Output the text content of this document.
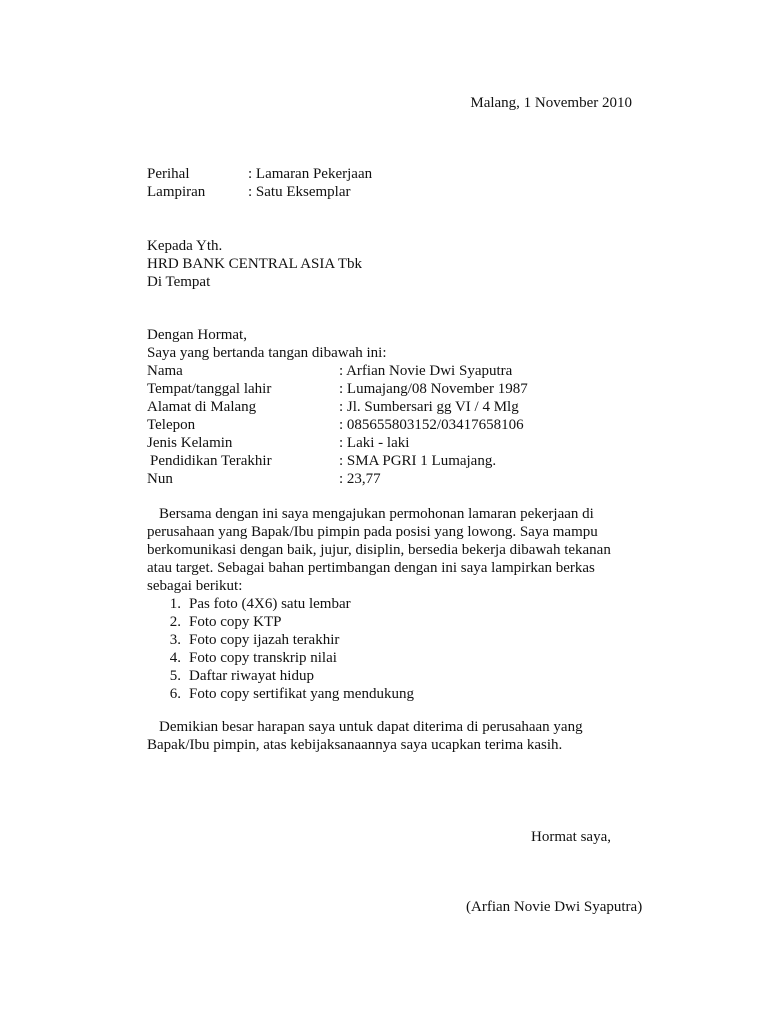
Malang, 1 November 2010
Perihal	: Lamaran Pekerjaan
Lampiran	: Satu Eksemplar
Kepada Yth.
HRD BANK CENTRAL ASIA Tbk
Di Tempat
Dengan Hormat,
Saya yang bertanda tangan dibawah ini:
Nama	: Arfian Novie Dwi Syaputra
Tempat/tanggal lahir	: Lumajang/08 November 1987
Alamat di Malang	: Jl. Sumbersari gg VI / 4 Mlg
Telepon	: 085655803152/03417658106
Jenis Kelamin	: Laki - laki
Pendidikan Terakhir	: SMA PGRI 1 Lumajang.
Nun	: 23,77
Bersama dengan ini saya mengajukan permohonan lamaran pekerjaan di
perusahaan yang Bapak/Ibu pimpin pada posisi yang lowong. Saya mampu
berkomunikasi dengan baik, jujur, disiplin, bersedia bekerja dibawah tekanan
atau target. Sebagai bahan pertimbangan dengan ini saya lampirkan berkas
sebagai berikut:
1. Pas foto (4X6) satu lembar
2. Foto copy KTP
3. Foto copy ijazah terakhir
4. Foto copy transkrip nilai
5. Daftar riwayat hidup
6. Foto copy sertifikat yang mendukung
Demikian besar harapan saya untuk dapat diterima di perusahaan yang
Bapak/Ibu pimpin, atas kebijaksanaannya saya ucapkan terima kasih.
Hormat saya,
(Arfian Novie Dwi Syaputra)
